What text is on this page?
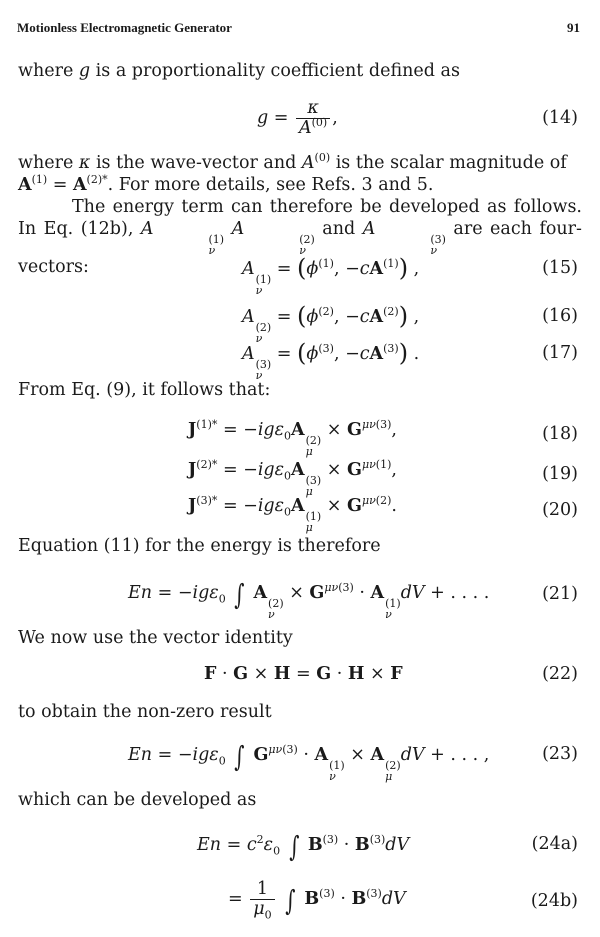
Motionless Electromagnetic Generator	91
where g is a proportionality coefficient defined as
$g = \frac{\kappa}{A^{(0)}}$ ,	(14)
where κ is the wave-vector and $A^{(0)}$ is the scalar magnitude of $A^{(1)} = A^{(2)*}$. For more details, see Refs. 3 and 5.
The energy term can therefore be developed as follows. In Eq. (12b), A
(1)
ν
A
(2)
ν
and A
(3)
ν
are each four-vectors:	A
(1)
ν
= ($\phi^{(1)}$, $-cA^{(1)}$) ,	(15)
A
(2)
ν
= ($\phi^{(2)}$, $-cA^{(2)}$) ,	(16)
A
(3)
ν
= ($\phi^{(3)}$, $-cA^{(3)}$) .	(17)
From Eq. (9), it follows that:
$J^{(1)*} = -ig\varepsilon_0A$
(2)
μ
× $G^{\mu\nu(3)}$,	(18)
$J^{(2)*} = -ig\varepsilon_0A$
(3)
μ
× $G^{\mu\nu(1)}$,	(19)
$J^{(3)*} = -ig\varepsilon_0A$
(1)
μ
× $G^{\mu\nu(2)}$.	(20)
Equation (11) for the energy is therefore
En = −igε$_0$ ∫ A
(2)
ν
× $G^{\mu\nu(3)} \cdot A$
(1)
ν
dV + . . . .	(21)
We now use the vector identity
F · G × H = G · H × F	(22)
to obtain the non-zero result
En = −igε$_0$ ∫ $G^{\mu\nu(3)} \cdot A$
(1)
ν
× A
(2)
μ
dV + . . . ,	(23)
which can be developed as
$En = c^2\varepsilon_0$ ∫ $B^{(3)} \cdot B^{(3)}dV$	(24a)
= $\frac{1}{\mu_0}$ ∫ $B^{(3)} \cdot B^{(3)}dV$	(24b)
